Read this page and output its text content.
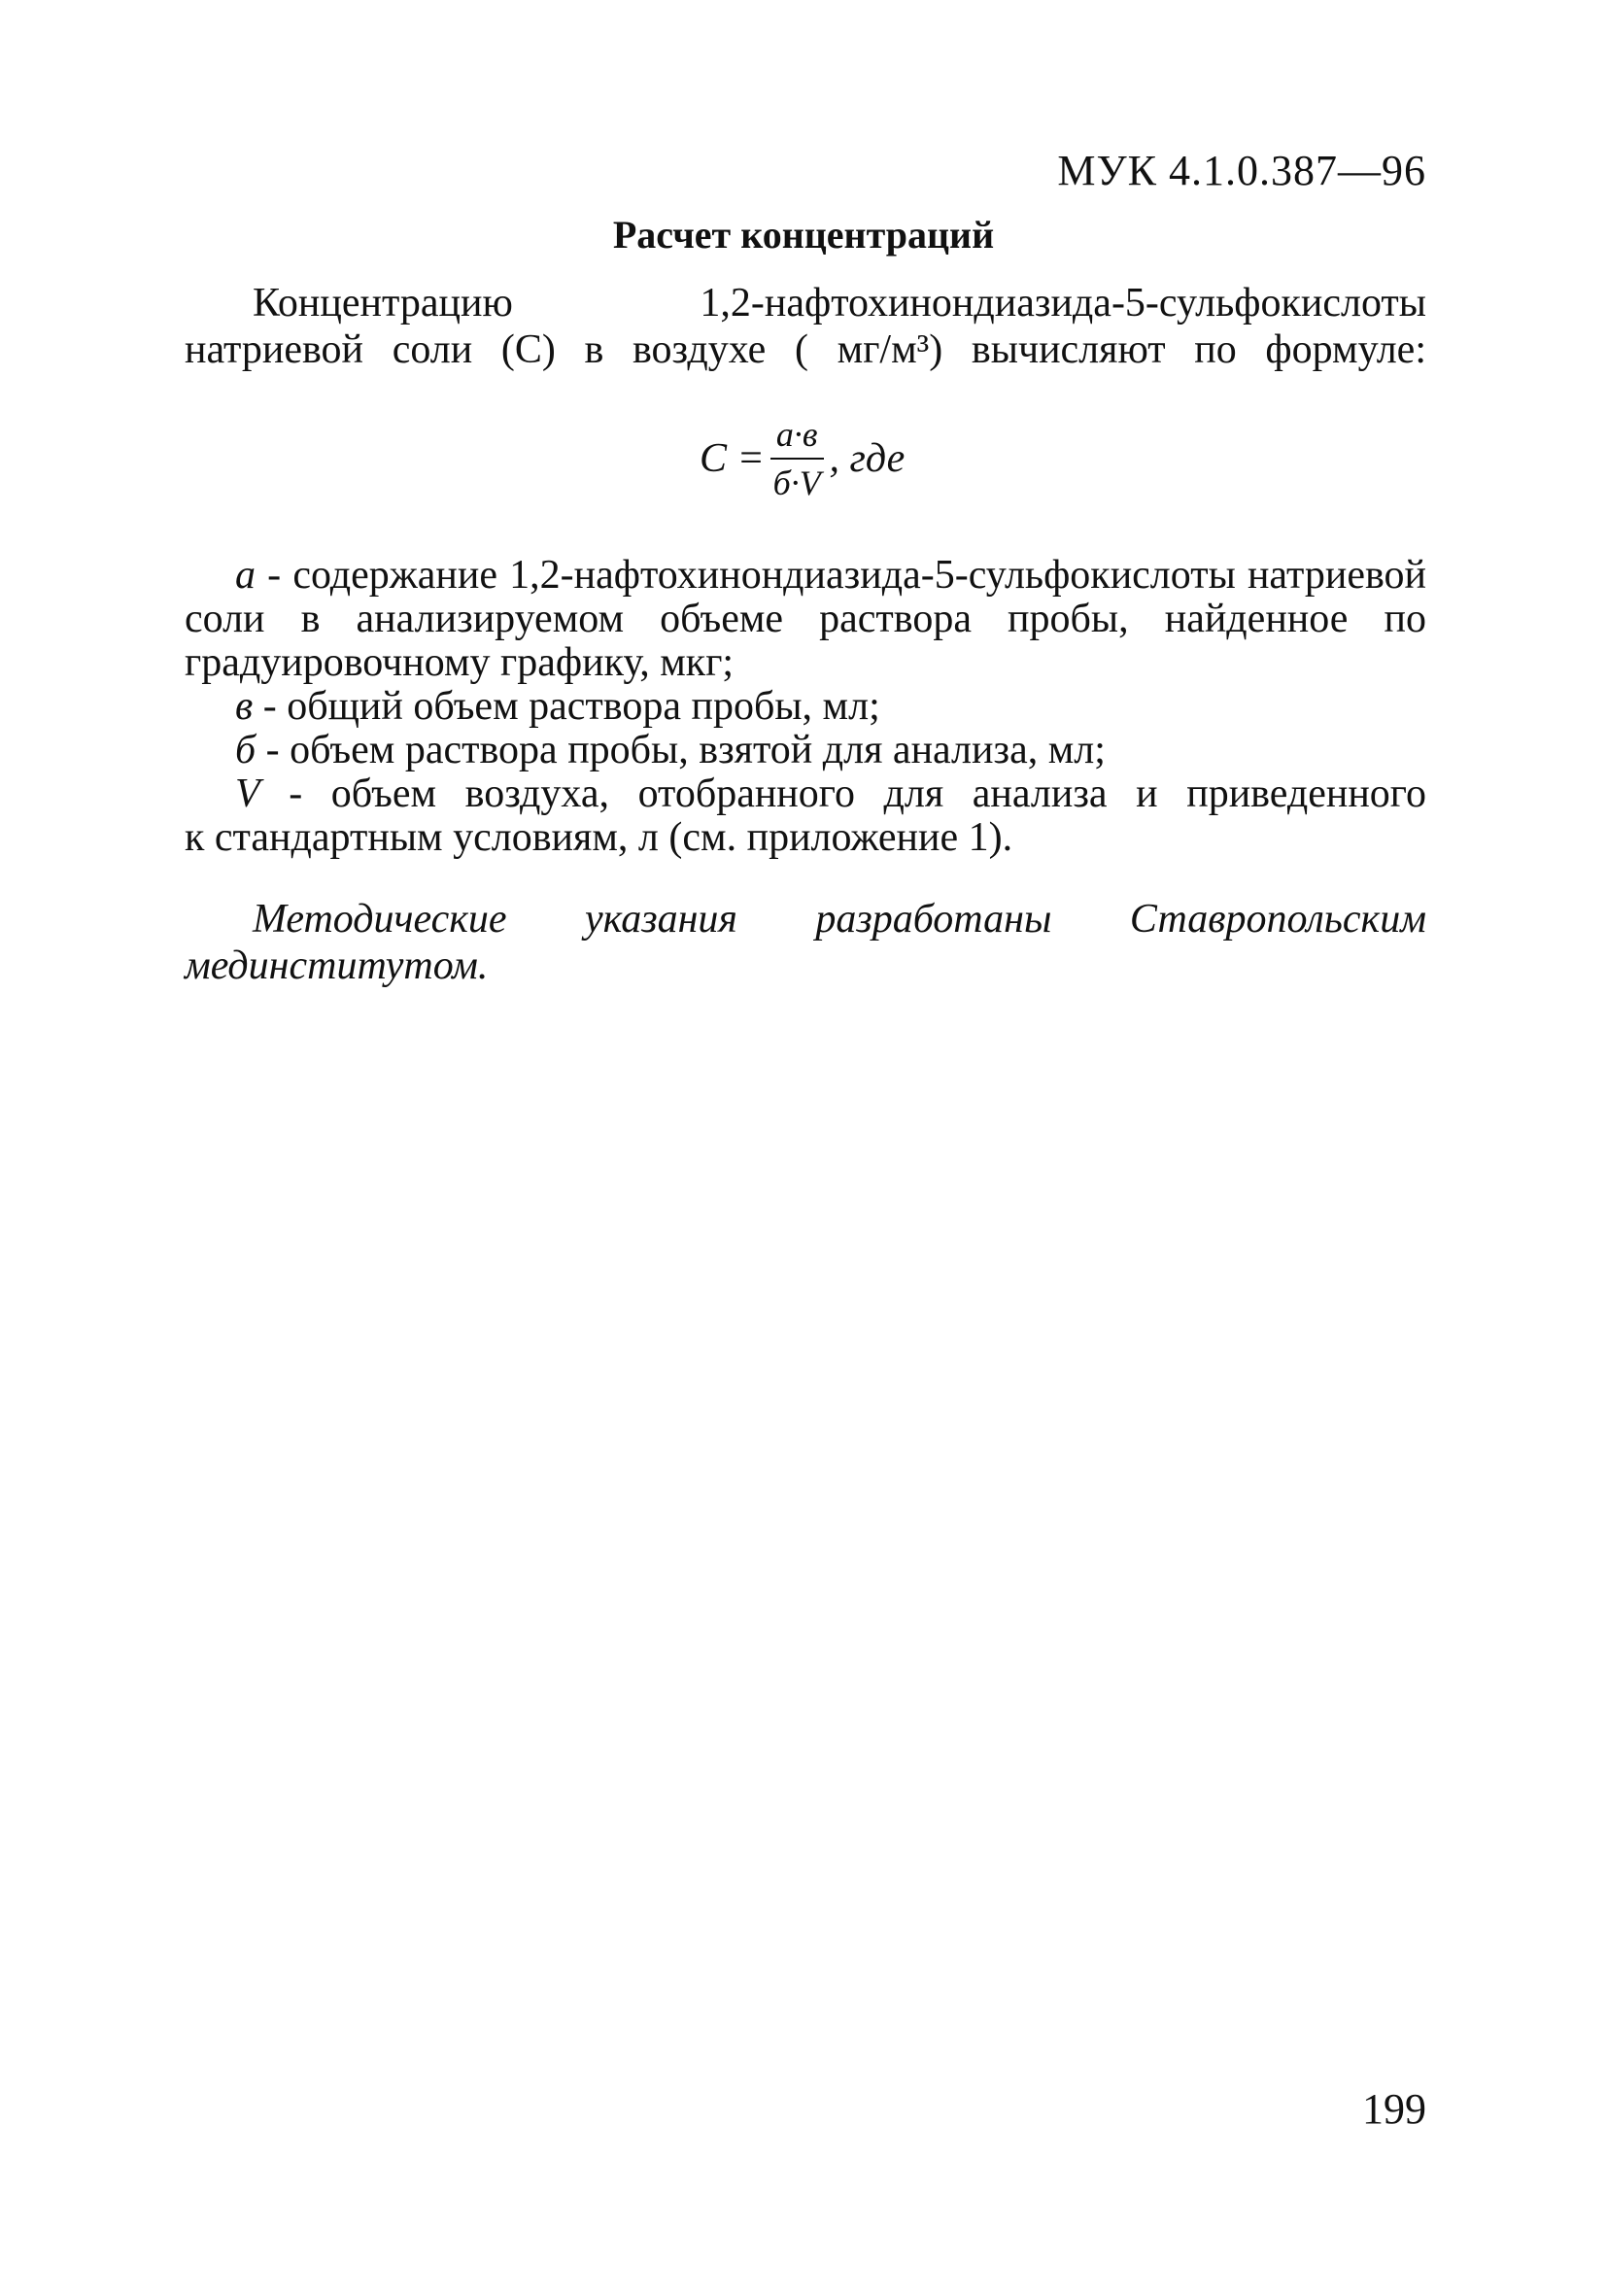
МУК 4.1.0.387—96
Расчет концентраций
Концентрацию 1,2-нафтохинондиазида-5-сульфокислоты
натриевой соли (С) в воздухе ( мг/м³) вычисляют по формуле:
$С = \frac{а\cdot в}{б\cdot V}$ , где

а - содержание 1,2-нафтохинондиазида-5-сульфокислоты натриевой соли в анализируемом объеме раствора пробы, найденное по градуировочному графику, мкг;

в - общий объем раствора пробы, мл;

б - объем раствора пробы, взятой для анализа, мл;

V - объем воздуха, отобранного для анализа и приведенного

к стандартным условиям, л (см. приложение 1).

Методические указания разработаны Ставропольским мединститутом.
199
